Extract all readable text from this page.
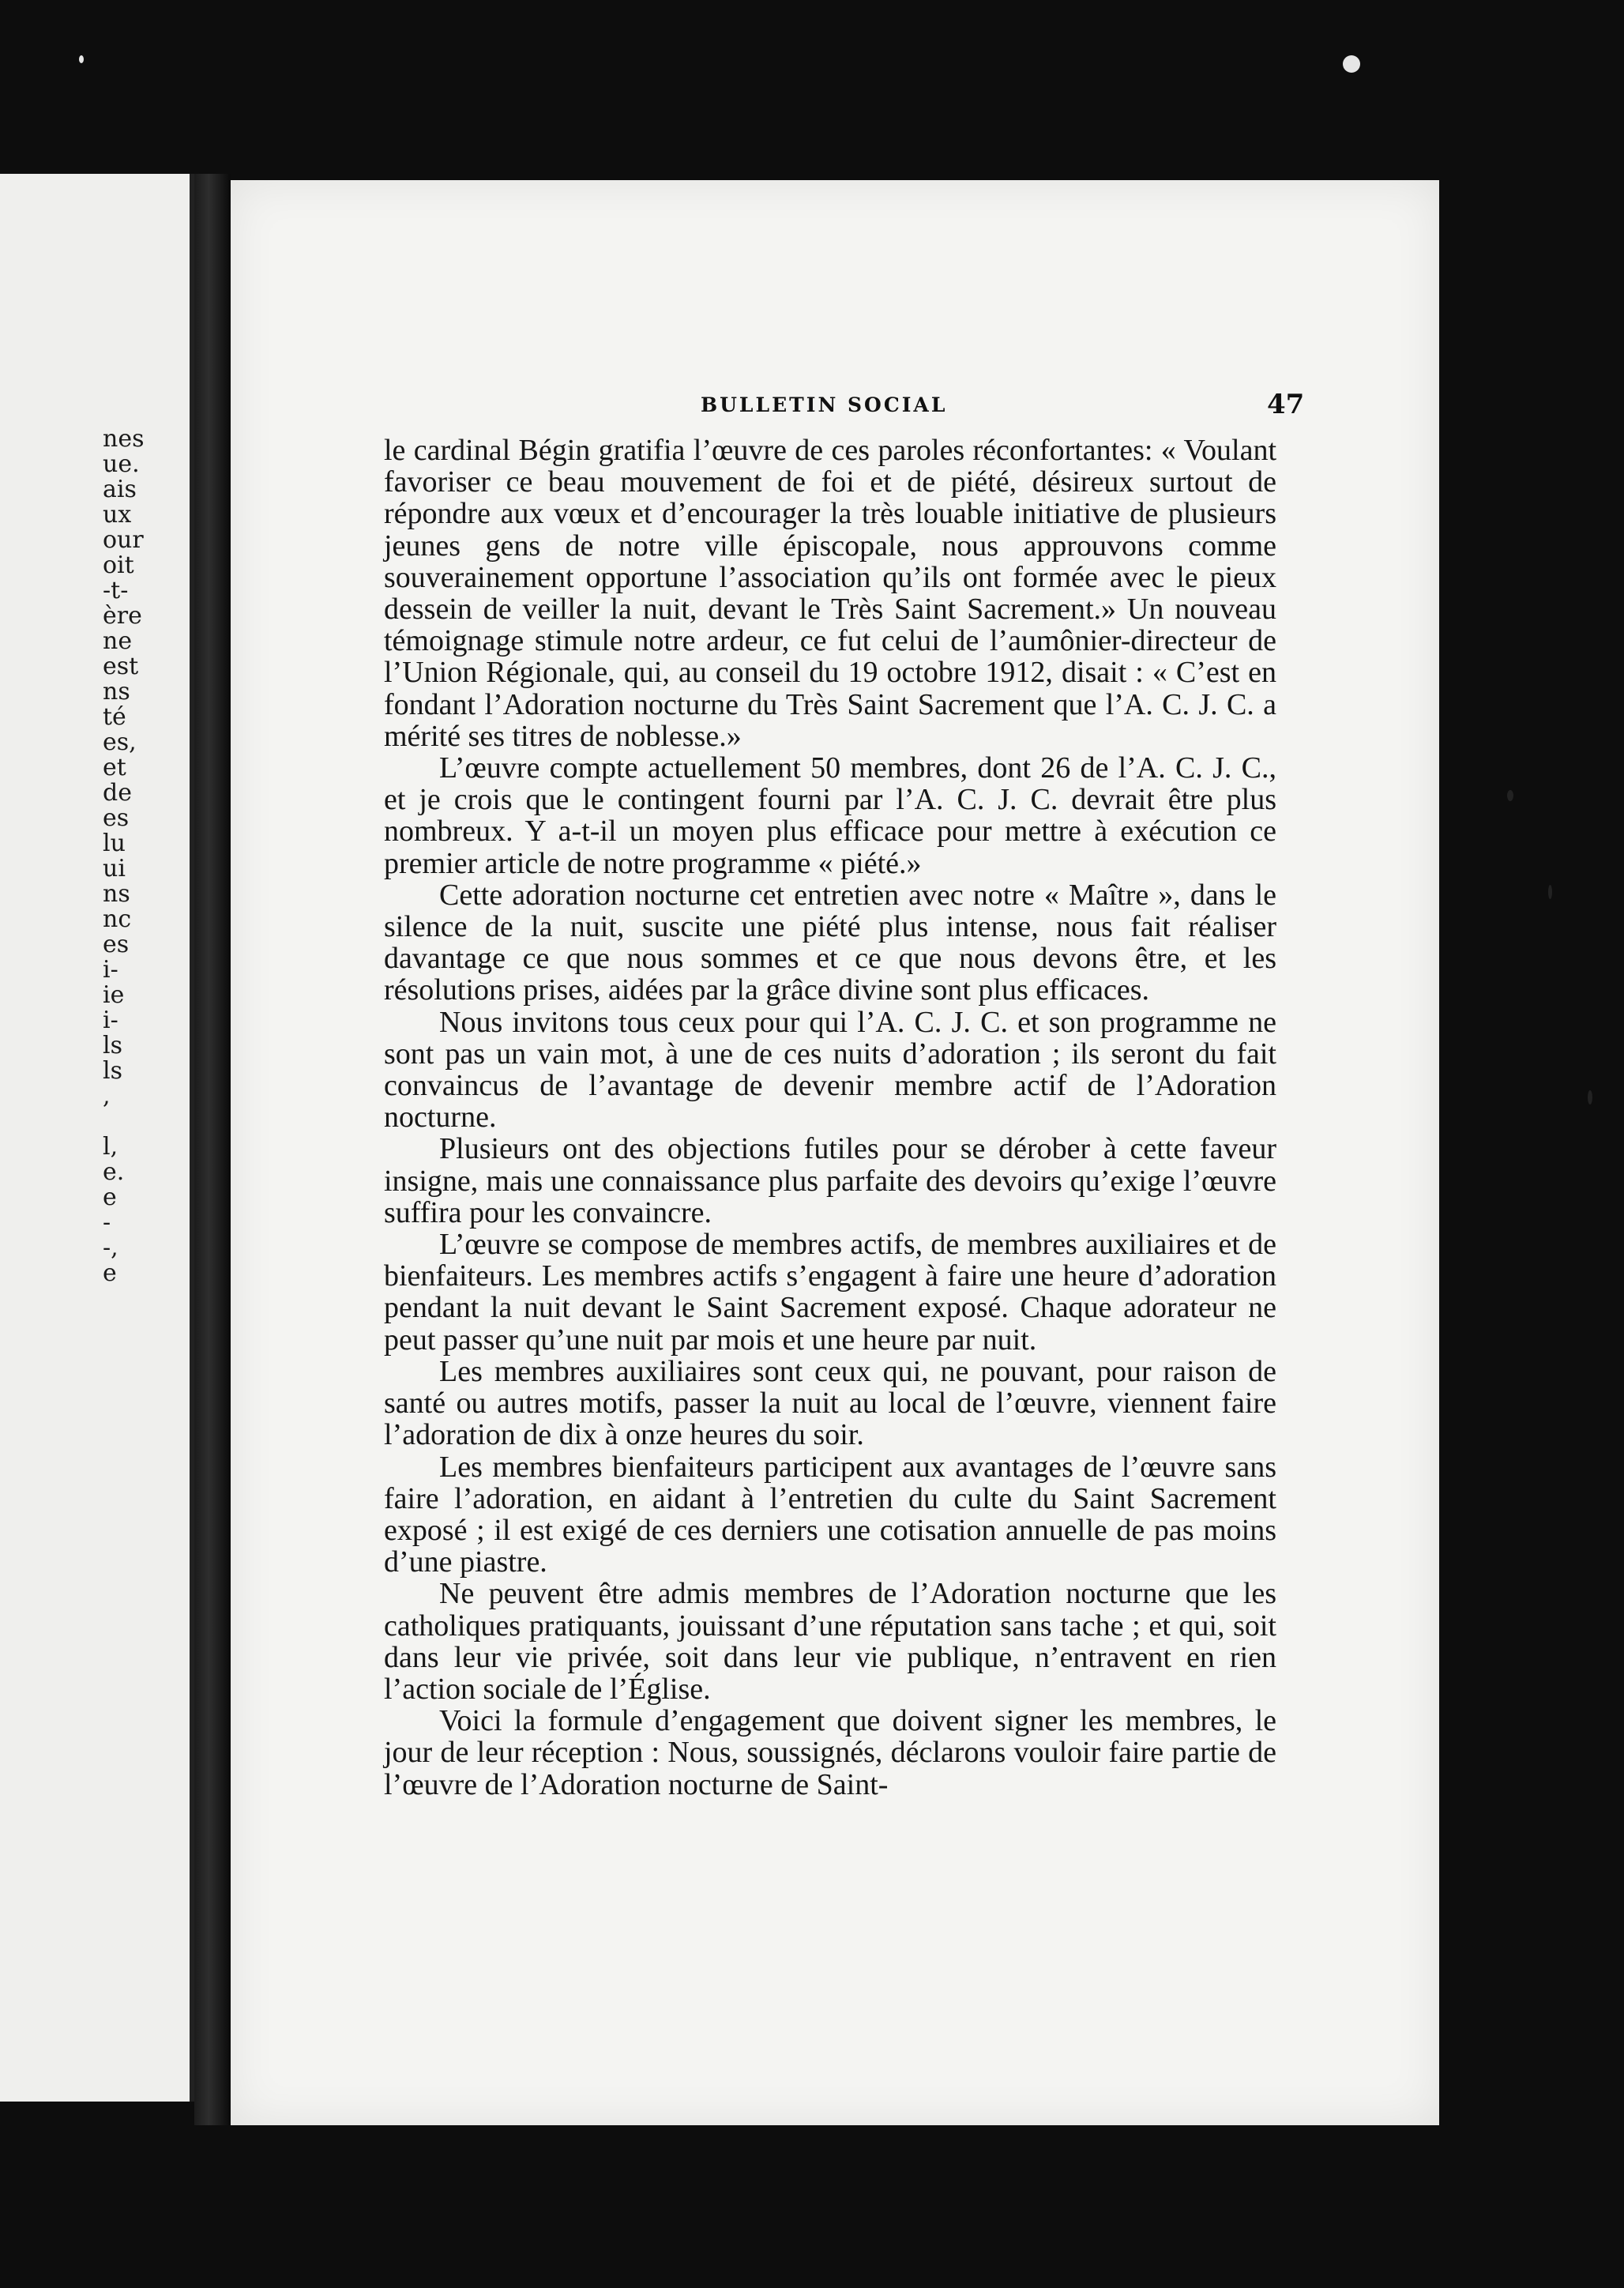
nes
ue.
ais
ux
our
oit
-t-
ère
ne
est
ns
té
es,
et
de
es
lu
ui
ns
nc
es
i-
ie
i-
ls
ls
,
l,
e.
e
-
-,
e
BULLETIN SOCIAL	47

le cardinal Bégin gratifia l’œuvre de ces paroles réconfortantes: « Voulant favoriser ce beau mouvement de foi et de piété, désireux surtout de répondre aux vœux et d’encourager la très louable initiative de plusieurs jeunes gens de notre ville épiscopale, nous approuvons comme souverainement opportune l’association qu’ils ont formée avec le pieux dessein de veiller la nuit, devant le Très Saint Sacrement.» Un nouveau témoignage stimule notre ardeur, ce fut celui de l’aumônier-directeur de l’Union Régionale, qui, au conseil du 19 octobre 1912, disait : « C’est en fondant l’Adoration nocturne du Très Saint Sacrement que l’A. C. J. C. a mérité ses titres de noblesse.»

L’œuvre compte actuellement 50 membres, dont 26 de l’A. C. J. C., et je crois que le contingent fourni par l’A. C. J. C. devrait être plus nombreux. Y a-t-il un moyen plus efficace pour mettre à exécution ce premier article de notre programme « piété.»

Cette adoration nocturne cet entretien avec notre « Maître », dans le silence de la nuit, suscite une piété plus intense, nous fait réaliser davantage ce que nous sommes et ce que nous devons être, et les résolutions prises, aidées par la grâce divine sont plus efficaces.

Nous invitons tous ceux pour qui l’A. C. J. C. et son programme ne sont pas un vain mot, à une de ces nuits d’adoration ; ils seront du fait convaincus de l’avantage de devenir membre actif de l’Adoration nocturne.

Plusieurs ont des objections futiles pour se dérober à cette faveur insigne, mais une connaissance plus parfaite des devoirs qu’exige l’œuvre suffira pour les convaincre.

L’œuvre se compose de membres actifs, de membres auxiliaires et de bienfaiteurs. Les membres actifs s’engagent à faire une heure d’adoration pendant la nuit devant le Saint Sacrement exposé. Chaque adorateur ne peut passer qu’une nuit par mois et une heure par nuit.

Les membres auxiliaires sont ceux qui, ne pouvant, pour raison de santé ou autres motifs, passer la nuit au local de l’œuvre, viennent faire l’adoration de dix à onze heures du soir.

Les membres bienfaiteurs participent aux avantages de l’œuvre sans faire l’adoration, en aidant à l’entretien du culte du Saint Sacrement exposé ; il est exigé de ces derniers une cotisation annuelle de pas moins d’une piastre.

Ne peuvent être admis membres de l’Adoration nocturne que les catholiques pratiquants, jouissant d’une réputation sans tache ; et qui, soit dans leur vie privée, soit dans leur vie publique, n’entravent en rien l’action sociale de l’Église.

Voici la formule d’engagement que doivent signer les membres, le jour de leur réception : Nous, soussignés, déclarons vouloir faire partie de l’œuvre de l’Adoration nocturne de Saint-
